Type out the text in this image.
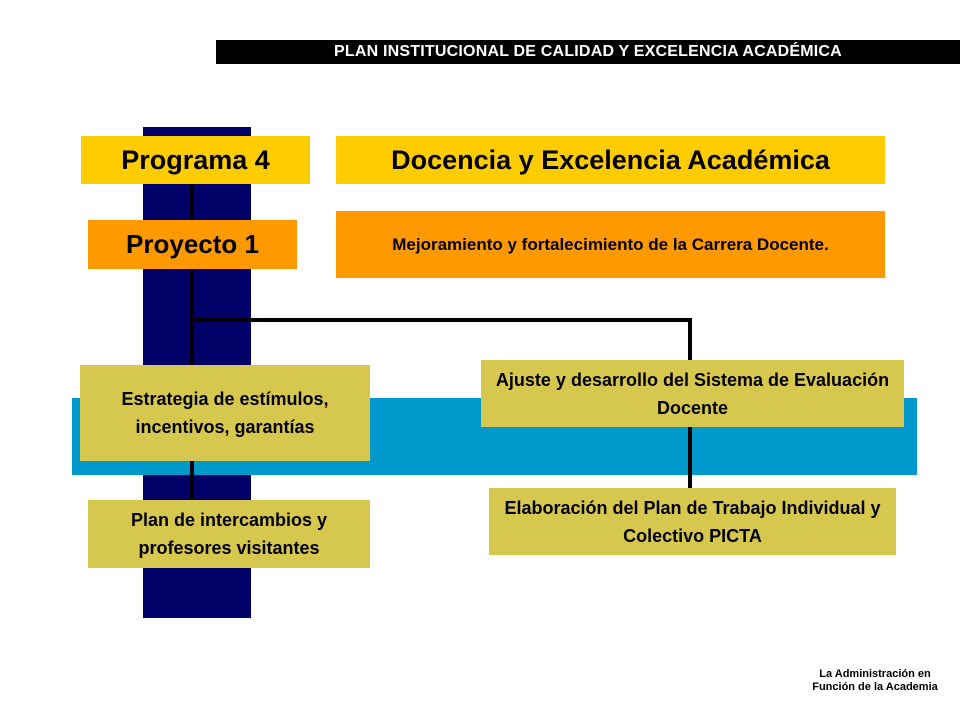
PLAN INSTITUCIONAL DE CALIDAD Y EXCELENCIA ACADÉMICA
Programa 4	Docencia y Excelencia Académica
Proyecto 1	Mejoramiento y fortalecimiento de la Carrera Docente.
Estrategia de estímulos, incentivos, garantías
Plan de intercambios y profesores visitantes
Ajuste y desarrollo del Sistema de Evaluación Docente
Elaboración del Plan de Trabajo Individual y Colectivo PICTA
La Administración en Función de la Academia
